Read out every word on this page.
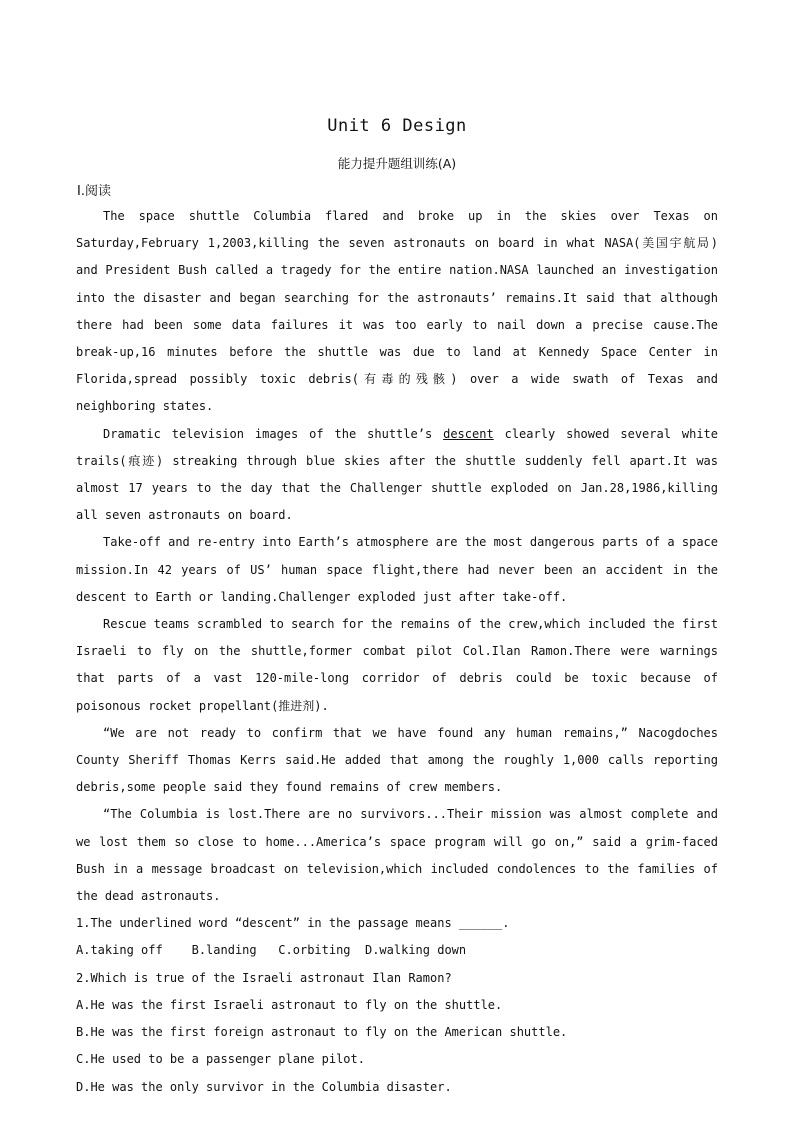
Unit 6 Design
能力提升题组训练(A)
Ⅰ.阅读

The space shuttle Columbia flared and broke up in the skies over Texas on Saturday,February 1,2003,killing the seven astronauts on board in what NASA(美国宇航局) and President Bush called a tragedy for the entire nation.NASA launched an investigation into the disaster and began searching for the astronauts’ remains.It said that although there had been some data failures it was too early to nail down a precise cause.The break-up,16 minutes before the shuttle was due to land at Kennedy Space Center in Florida,spread possibly toxic debris(有毒的残骸) over a wide swath of Texas and neighboring states.

Dramatic television images of the shuttle’s descent clearly showed several white trails(痕迹) streaking through blue skies after the shuttle suddenly fell apart.It was almost 17 years to the day that the Challenger shuttle exploded on Jan.28,1986,killing all seven astronauts on board.

Take-off and re-entry into Earth’s atmosphere are the most dangerous parts of a space mission.In 42 years of US’ human space flight,there had never been an accident in the descent to Earth or landing.Challenger exploded just after take-off.

Rescue teams scrambled to search for the remains of the crew,which included the first Israeli to fly on the shuttle,former combat pilot Col.Ilan Ramon.There were warnings that parts of a vast 120-mile-long corridor of debris could be toxic because of poisonous rocket propellant(推进剂).

“We are not ready to confirm that we have found any human remains,” Nacogdoches County Sheriff Thomas Kerrs said.He added that among the roughly 1,000 calls reporting debris,some people said they found remains of crew members.

“The Columbia is lost.There are no survivors...Their mission was almost complete and we lost them so close to home...America’s space program will go on,” said a grim-faced Bush in a message broadcast on television,which included condolences to the families of the dead astronauts.

1.The underlined word “descent” in the passage means ______.

A.taking off    B.landing   C.orbiting  D.walking down

2.Which is true of the Israeli astronaut Ilan Ramon?

A.He was the first Israeli astronaut to fly on the shuttle.

B.He was the first foreign astronaut to fly on the American shuttle.

C.He used to be a passenger plane pilot.

D.He was the only survivor in the Columbia disaster.
